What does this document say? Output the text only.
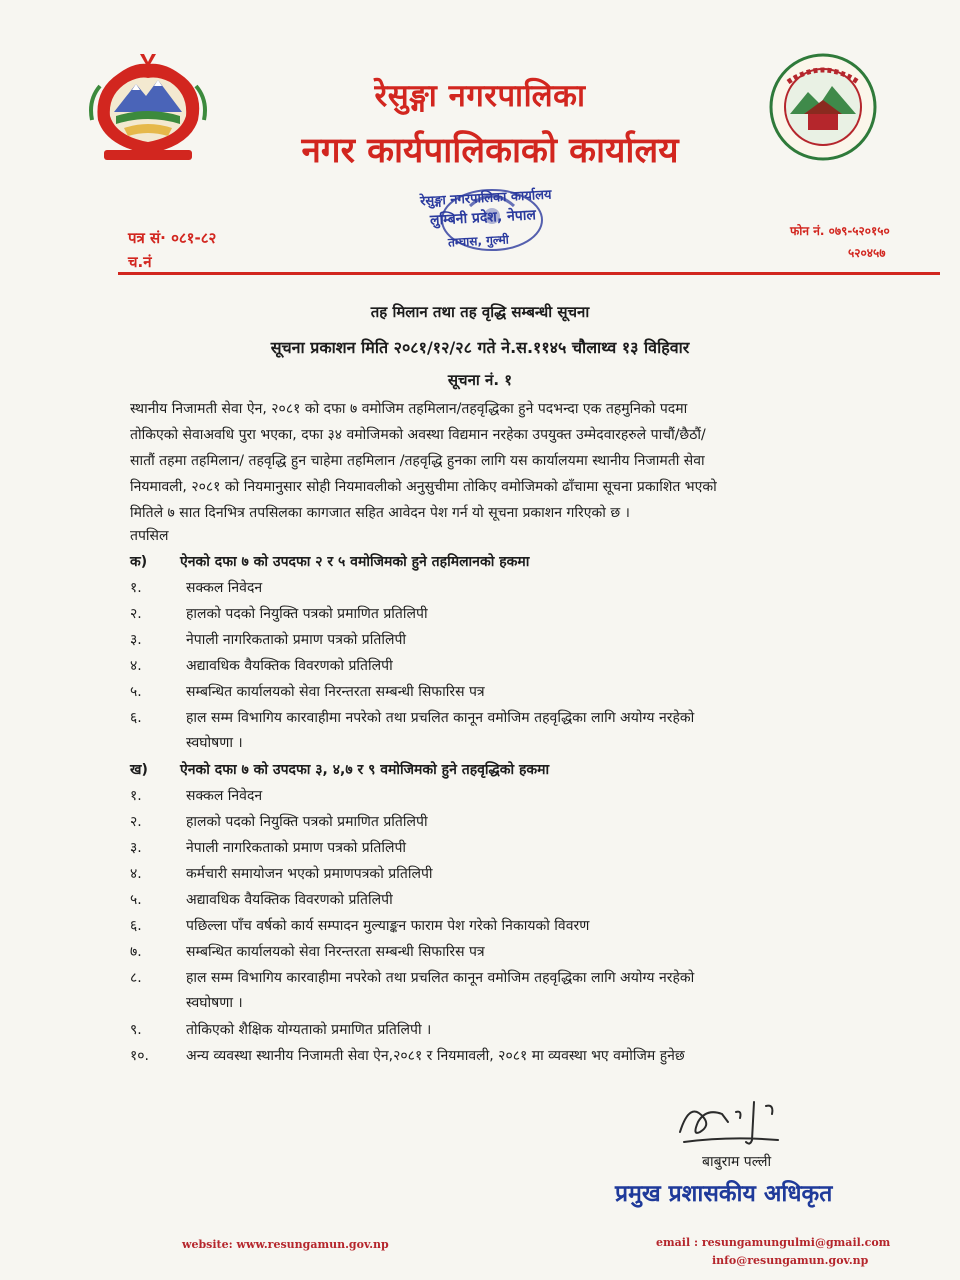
रेसुङ्गा नगरपालिका
नगर कार्यपालिकाको कार्यालय
रेसुङ्गा नगरपालिका कार्यालय
तम्घास, गुल्मी
लुम्बिनी प्रदेश, नेपाल
पत्र सं· ०८१-८२
च.नं
फोन नं. ०७९-५२०१५०
५२०४५७
तह मिलान तथा तह वृद्धि सम्बन्धी सूचना
सूचना प्रकाशन मिति २०८१/१२/२८ गते ने.स.११४५ चौलाथ्व १३ विहिवार
सूचना नं. १
स्थानीय निजामती सेवा ऐन, २०८१ को दफा ७ वमोजिम तहमिलान/तहवृद्धिका हुने पदभन्दा एक तहमुनिको पदमा
तोकिएको सेवाअवधि पुरा भएका, दफा ३४ वमोजिमको अवस्था विद्यमान नरहेका उपयुक्त उम्मेदवारहरुले पाचौं/छैठौं/
सातौं तहमा तहमिलान/ तहवृद्धि हुन चाहेमा तहमिलान /तहवृद्धि हुनका लागि यस कार्यालयमा स्थानीय निजामती सेवा
नियमावली, २०८१ को नियमानुसार सोही नियमावलीको अनुसुचीमा तोकिए वमोजिमको ढाँचामा सूचना प्रकाशित भएको
मितिले ७ सात दिनभित्र तपसिलका कागजात सहित आवेदन पेश गर्न यो सूचना प्रकाशन गरिएको छ ।
तपसिल
क) ऐनको दफा ७ को उपदफा २ र ५ वमोजिमको हुने तहमिलानको हकमा
१.	सक्कल निवेदन
२.	हालको पदको नियुक्ति पत्रको प्रमाणित प्रतिलिपी
३.	नेपाली नागरिकताको प्रमाण पत्रको प्रतिलिपी
४.	अद्यावधिक वैयक्तिक विवरणको प्रतिलिपी
५.	सम्बन्धित कार्यालयको सेवा निरन्तरता सम्बन्धी सिफारिस पत्र
६.	हाल सम्म विभागिय कारवाहीमा नपरेको तथा प्रचलित कानून वमोजिम तहवृद्धिका लागि अयोग्य नरहेको
स्वघोषणा ।
ख) ऐनको दफा ७ को उपदफा ३, ४,७ र ९ वमोजिमको हुने तहवृद्धिको हकमा
१.	सक्कल निवेदन
२.	हालको पदको नियुक्ति पत्रको प्रमाणित प्रतिलिपी
३.	नेपाली नागरिकताको प्रमाण पत्रको प्रतिलिपी
४.	कर्मचारी समायोजन भएको प्रमाणपत्रको प्रतिलिपी
५.	अद्यावधिक वैयक्तिक विवरणको प्रतिलिपी
६.	पछिल्ला पाँच वर्षको कार्य सम्पादन मुल्याङ्कन फाराम पेश गरेको निकायको विवरण
७.	सम्बन्धित कार्यालयको सेवा निरन्तरता सम्बन्धी सिफारिस पत्र
८.	हाल सम्म विभागिय कारवाहीमा नपरेको तथा प्रचलित कानून वमोजिम तहवृद्धिका लागि अयोग्य नरहेको
स्वघोषणा ।
९.	तोकिएको शैक्षिक योग्यताको प्रमाणित प्रतिलिपी ।
१०.	अन्य व्यवस्था स्थानीय निजामती सेवा ऐन,२०८१ र नियमावली, २०८१ मा व्यवस्था भए वमोजिम हुनेछ
बाबुराम पल्ली
प्रमुख प्रशासकीय अधिकृत
website: www.resungamun.gov.np	email : resungamungulmi@gmail.com
info@resungamun.gov.np
